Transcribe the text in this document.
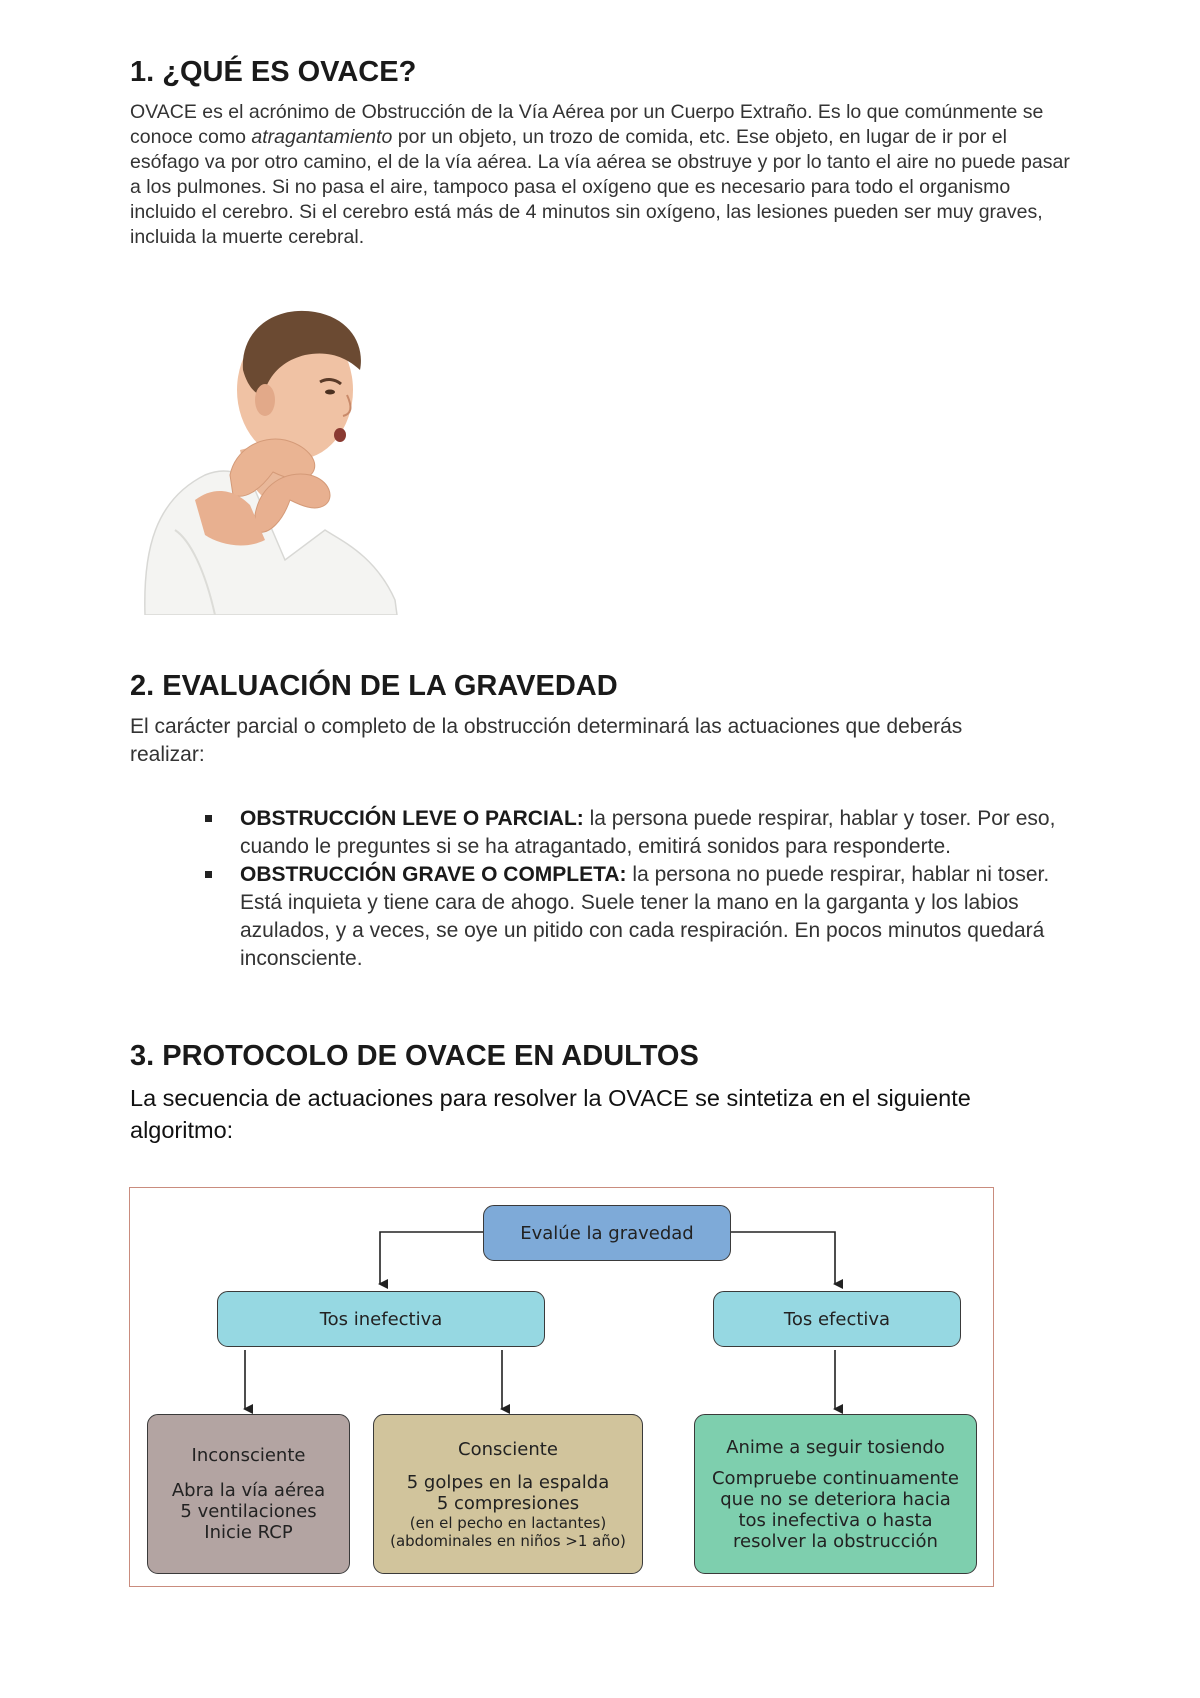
1. ¿QUÉ ES OVACE?

OVACE es el acrónimo de Obstrucción de la Vía Aérea por un Cuerpo Extraño. Es lo que comúnmente se conoce como atragantamiento por un objeto, un trozo de comida, etc. Ese objeto, en lugar de ir por el esófago va por otro camino, el de la vía aérea. La vía aérea se obstruye y por lo tanto el aire no puede pasar a los pulmones. Si no pasa el aire, tampoco pasa el oxígeno que es necesario para todo el organismo incluido el cerebro. Si el cerebro está más de 4 minutos sin oxígeno, las lesiones pueden ser muy graves, incluida la muerte cerebral.

2. EVALUACIÓN DE LA GRAVEDAD

El carácter parcial o completo de la obstrucción determinará las actuaciones que deberás realizar:

OBSTRUCCIÓN LEVE O PARCIAL: la persona puede respirar, hablar y toser. Por eso, cuando le preguntes si se ha atragantado, emitirá sonidos para responderte.
OBSTRUCCIÓN GRAVE O COMPLETA: la persona no puede respirar, hablar ni toser. Está inquieta y tiene cara de ahogo. Suele tener la mano en la garganta y los labios azulados, y a veces, se oye un pitido con cada respiración. En pocos minutos quedará inconsciente.
3. PROTOCOLO DE OVACE EN ADULTOS

La secuencia de actuaciones para resolver la OVACE se sintetiza en el siguiente algoritmo:

Evalúe la gravedad
Tos inefectiva	Tos efectiva
Inconsciente
Abra la vía aérea
5 ventilaciones
Inicie RCP
Consciente
5 golpes en la espalda
5 compresiones
(en el pecho en lactantes)
(abdominales en niños >1 año)
Anime a seguir tosiendo
Compruebe continuamente
que no se deteriora hacia
tos inefectiva o hasta
resolver la obstrucción
